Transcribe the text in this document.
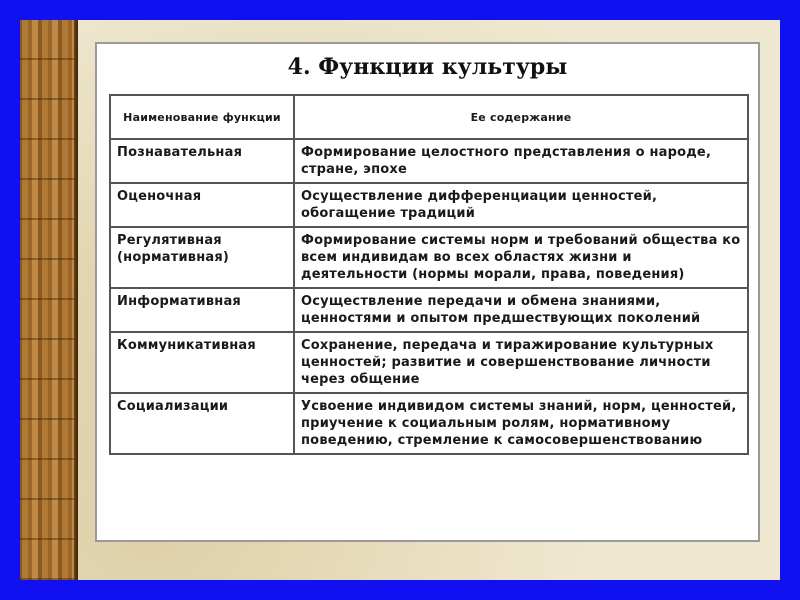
4. Функции культуры
Наименование функции	Ее содержание
Познавательная	Формирование целостного представления о народе, стране, эпохе
Оценочная	Осуществление дифференциации ценностей, обогащение традиций
Регулятивная (нормативная)	Формирование системы норм и требований общества ко всем индивидам во всех областях жизни и деятельности (нормы морали, права, поведения)
Информативная	Осуществление передачи и обмена знаниями, ценностями и опытом предшествующих поколений
Коммуникативная	Сохранение, передача и тиражирование культурных ценностей; развитие и совершенствование личности через общение
Социализации	Усвоение индивидом системы знаний, норм, ценностей, приучение к социальным ролям, нормативному поведению, стремление к самосовершенствованию
